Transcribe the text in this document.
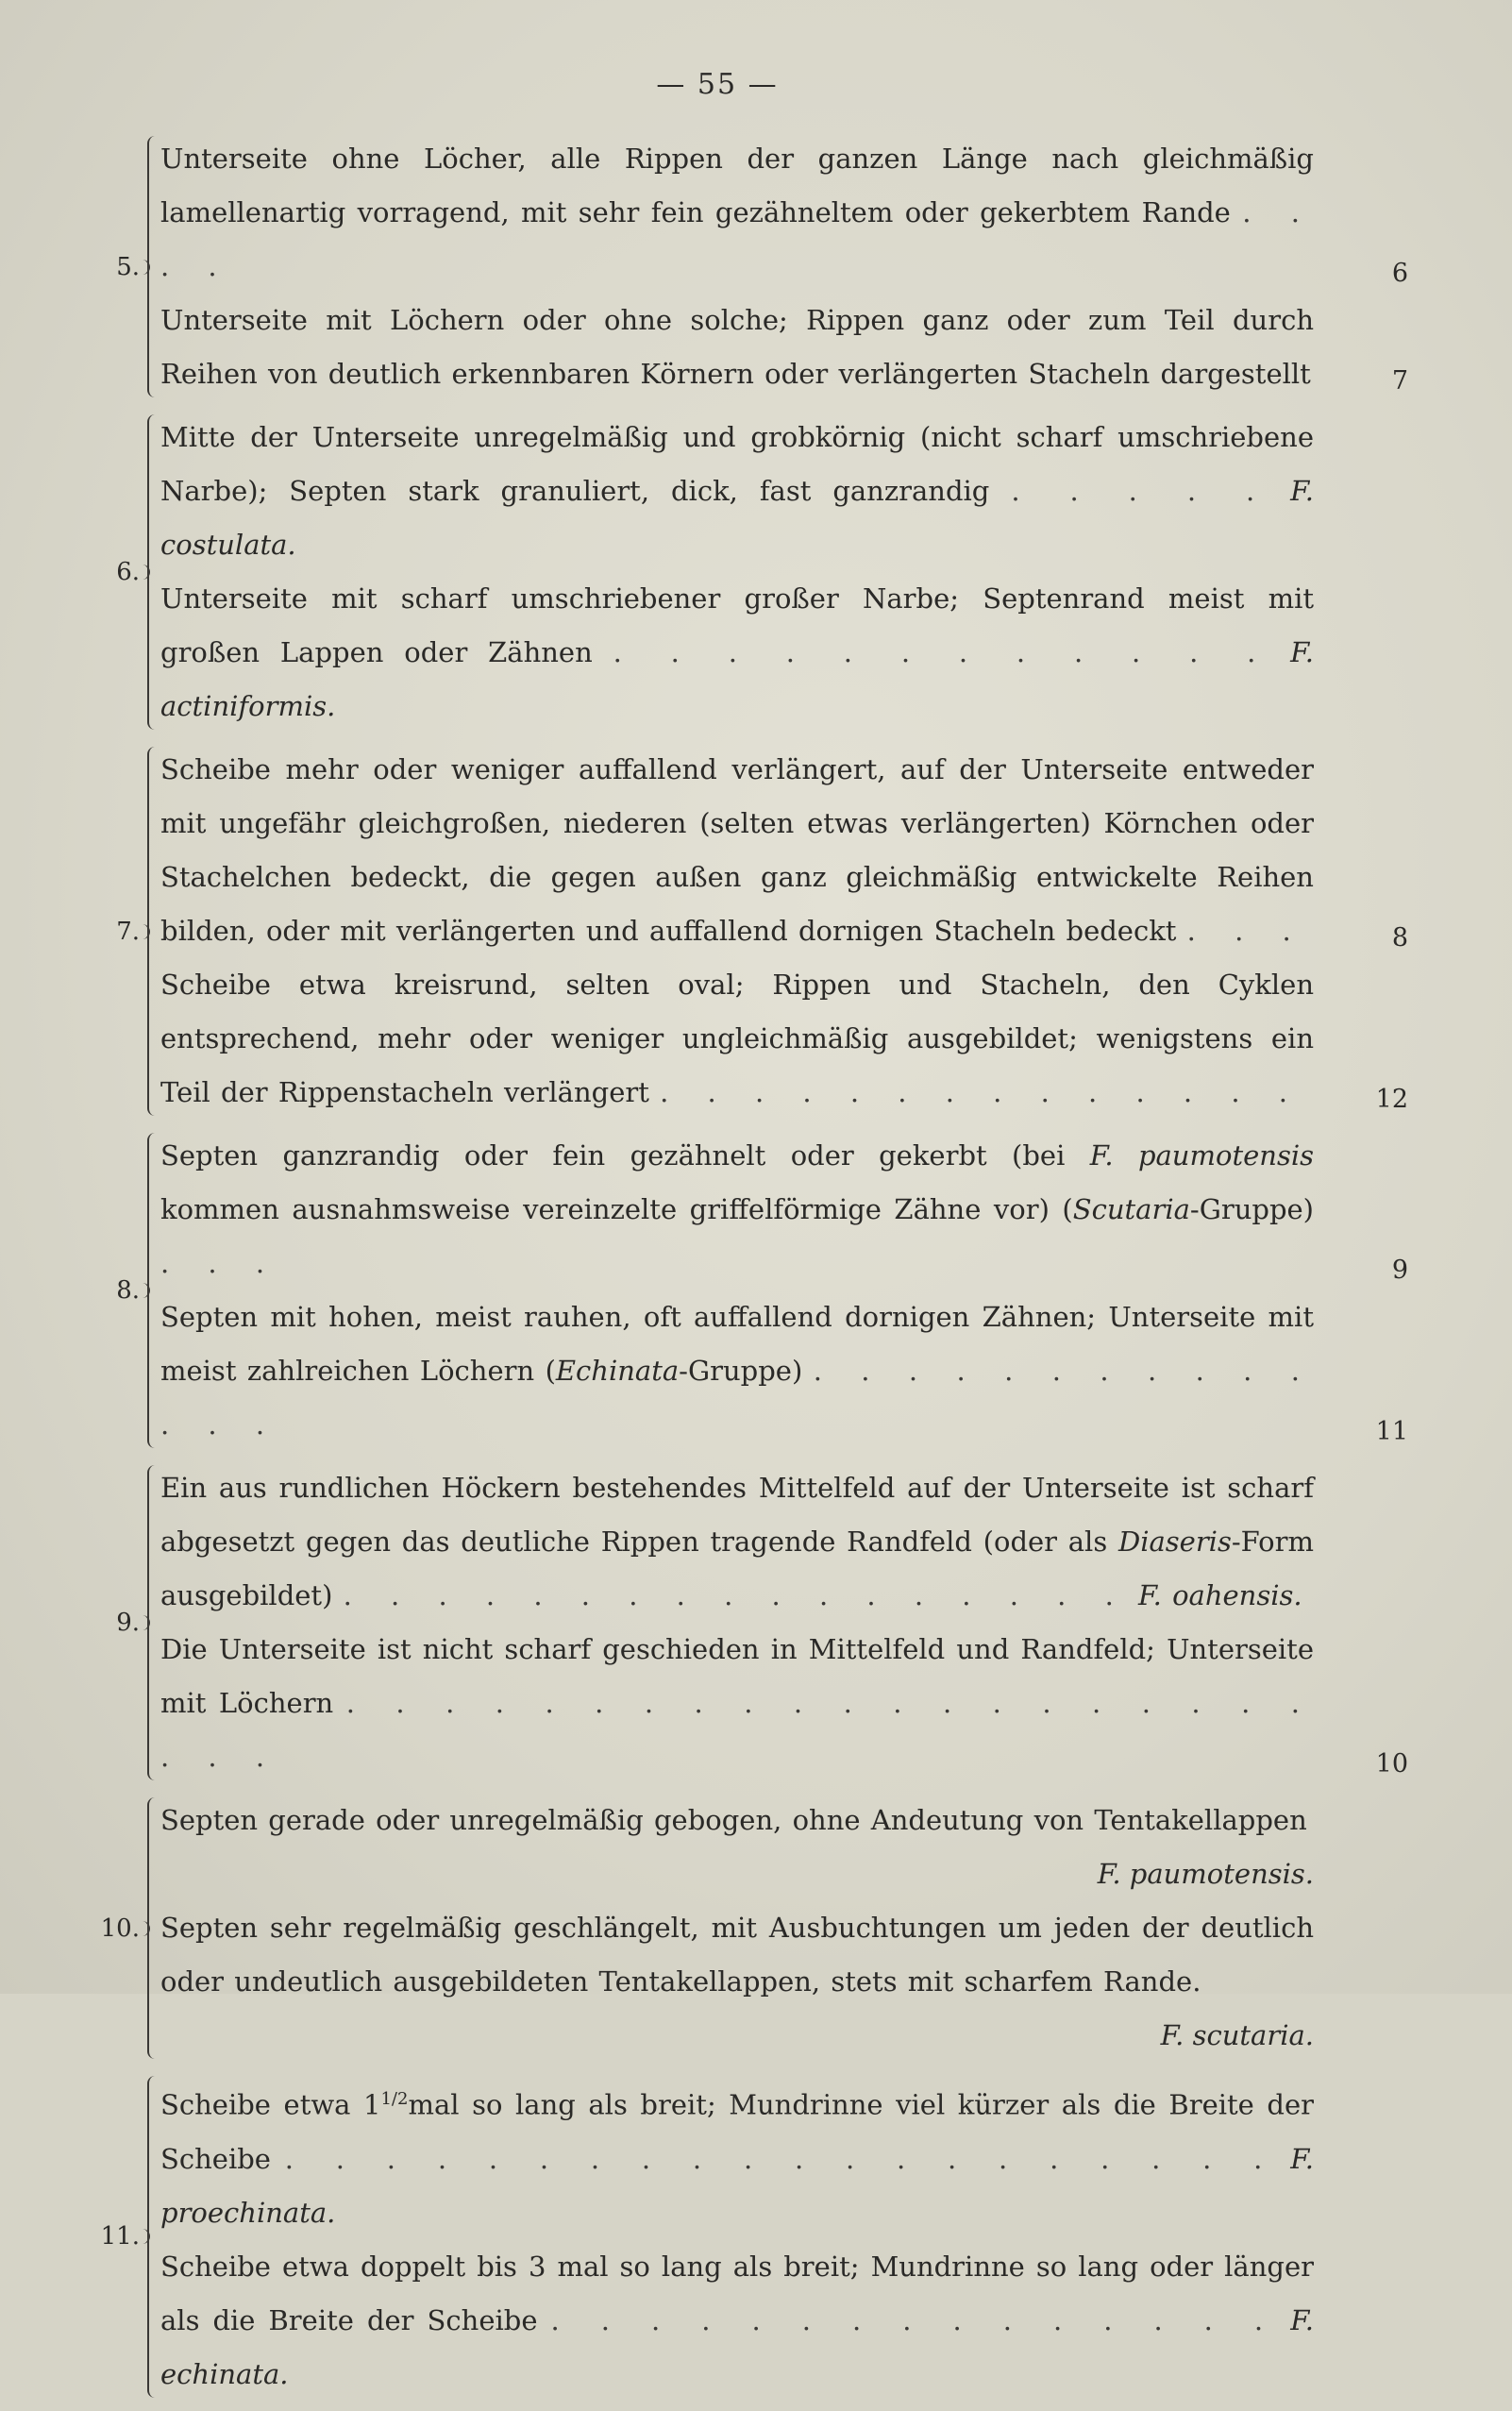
— 55 —
5.
Unterseite ohne Löcher, alle Rippen der ganzen Länge nach gleichmäßig lamellenartig vorragend, mit sehr fein gezähneltem oder gekerbtem Rande . . . .	6
Unterseite mit Löchern oder ohne solche; Rippen ganz oder zum Teil durch Reihen von deutlich erkennbaren Körnern oder verlängerten Stacheln dargestellt	7
6.
Mitte der Unterseite unregelmäßig und grobkörnig (nicht scharf umschriebene Narbe); Septen stark granuliert, dick, fast ganzrandig . . . . . F. costulata.
Unterseite mit scharf umschriebener großer Narbe; Septenrand meist mit großen Lappen oder Zähnen . . . . . . . . . . . . F. actiniformis.
7.
Scheibe mehr oder weniger auffallend verlängert, auf der Unterseite entweder mit ungefähr gleichgroßen, niederen (selten etwas verlängerten) Körnchen oder Stachelchen bedeckt, die gegen außen ganz gleichmäßig entwickelte Reihen bilden, oder mit verlängerten und auffallend dornigen Stacheln bedeckt . . .	8
Scheibe etwa kreisrund, selten oval; Rippen und Stacheln, den Cyklen entsprechend, mehr oder weniger ungleichmäßig ausgebildet; wenigstens ein Teil der Rippenstacheln verlängert . . . . . . . . . . . . . .	12
8.
Septen ganzrandig oder fein gezähnelt oder gekerbt (bei F. paumotensis kommen ausnahmsweise vereinzelte griffelförmige Zähne vor) (Scutaria-Gruppe) . . .	9
Septen mit hohen, meist rauhen, oft auffallend dornigen Zähnen; Unterseite mit meist zahlreichen Löchern (Echinata-Gruppe) . . . . . . . . . . . . . .	11
9.
Ein aus rundlichen Höckern bestehendes Mittelfeld auf der Unterseite ist scharf abgesetzt gegen das deutliche Rippen tragende Randfeld (oder als Diaseris-Form ausgebildet) . . . . . . . . . . . . . . . . . F. oahensis.
Die Unterseite ist nicht scharf geschieden in Mittelfeld und Randfeld; Unterseite mit Löchern . . . . . . . . . . . . . . . . . . . . . . .	10
10.
Septen gerade oder unregelmäßig gebogen, ohne Andeutung von Tentakellappen
F. paumotensis.
Septen sehr regelmäßig geschlängelt, mit Ausbuchtungen um jeden der deutlich oder undeutlich ausgebildeten Tentakellappen, stets mit scharfem Rande.
F. scutaria.
11.
Scheibe etwa $1^{1/2}mal$ so lang als breit; Mundrinne viel kürzer als die Breite der Scheibe . . . . . . . . . . . . . . . . . . . . F. proechinata.
Scheibe etwa doppelt bis 3 mal so lang als breit; Mundrinne so lang oder länger als die Breite der Scheibe . . . . . . . . . . . . . . . F. echinata.
